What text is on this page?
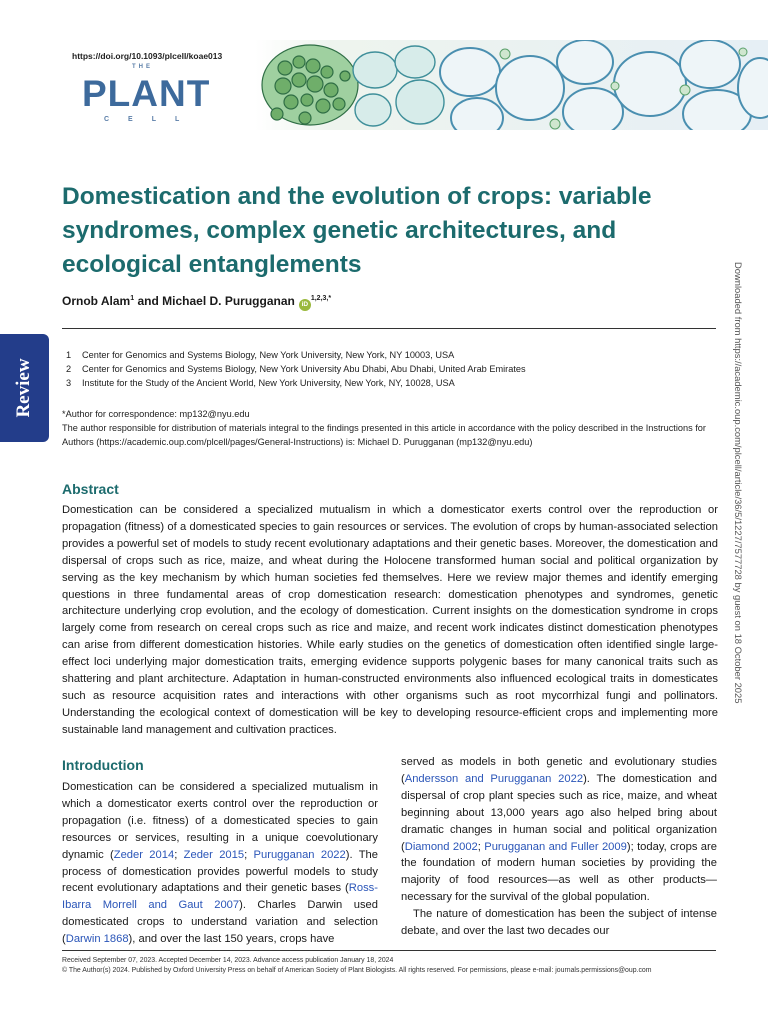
https://doi.org/10.1093/plcell/koae013
THE
PLANT
CELL
Review	Downloaded from https://academic.oup.com/plcell/article/36/5/1227/7577728 by guest on 18 October 2025
Domestication and the evolution of crops: variable syndromes, complex genetic architectures, and ecological entanglements
Ornob Alam$^1$ and Michael D. Purugganan $iD^{1,2,3,*}$
1 Center for Genomics and Systems Biology, New York University, New York, NY 10003, USA
2 Center for Genomics and Systems Biology, New York University Abu Dhabi, Abu Dhabi, United Arab Emirates
3 Institute for the Study of the Ancient World, New York University, New York, NY, 10028, USA
*Author for correspondence: mp132@nyu.edu
The author responsible for distribution of materials integral to the findings presented in this article in accordance with the policy described in the Instructions for Authors (https://academic.oup.com/plcell/pages/General-Instructions) is: Michael D. Purugganan (mp132@nyu.edu)
Abstract

Domestication can be considered a specialized mutualism in which a domesticator exerts control over the reproduction or propagation (fitness) of a domesticated species to gain resources or services. The evolution of crops by human-associated selection provides a powerful set of models to study recent evolutionary adaptations and their genetic bases. Moreover, the domestication and dispersal of crops such as rice, maize, and wheat during the Holocene transformed human social and political organization by serving as the key mechanism by which human societies fed themselves. Here we review major themes and identify emerging questions in three fundamental areas of crop domestication research: domestication phenotypes and syndromes, genetic architecture underlying crop evolution, and the ecology of domestication. Current insights on the domestication syndrome in crops largely come from research on cereal crops such as rice and maize, and recent work indicates distinct domestication phenotypes can arise from different domestication histories. While early studies on the genetics of domestication often identified single large-effect loci underlying major domestication traits, emerging evidence supports polygenic bases for many canonical traits such as shattering and plant architecture. Adaptation in human-constructed environments also influenced ecological traits in domesticates such as resource acquisition rates and interactions with other organisms such as root mycorrhizal fungi and pollinators. Understanding the ecological context of domestication will be key to developing resource-efficient crops and implementing more sustainable land management and cultivation practices.

Introduction

Domestication can be considered a specialized mutualism in which a domesticator exerts control over the reproduction or propagation (i.e. fitness) of a domesticated species to gain resources or services, resulting in a unique coevolutionary dynamic (Zeder 2014; Zeder 2015; Purugganan 2022). The process of domestication provides powerful models to study recent evolutionary adaptations and their genetic bases (Ross-Ibarra Morrell and Gaut 2007). Charles Darwin used domesticated crops to understand variation and selection (Darwin 1868), and over the last 150 years, crops have

served as models in both genetic and evolutionary studies (Andersson and Purugganan 2022). The domestication and dispersal of crop plant species such as rice, maize, and wheat beginning about 13,000 years ago also helped bring about dramatic changes in human social and political organization (Diamond 2002; Purugganan and Fuller 2009); today, crops are the foundation of modern human societies by providing the majority of food resources—as well as other products—necessary for the survival of the global population.
The nature of domestication has been the subject of intense debate, and over the last two decades our

Received September 07, 2023. Accepted December 14, 2023. Advance access publication January 18, 2024
© The Author(s) 2024. Published by Oxford University Press on behalf of American Society of Plant Biologists. All rights reserved. For permissions, please e-mail: journals.permissions@oup.com
